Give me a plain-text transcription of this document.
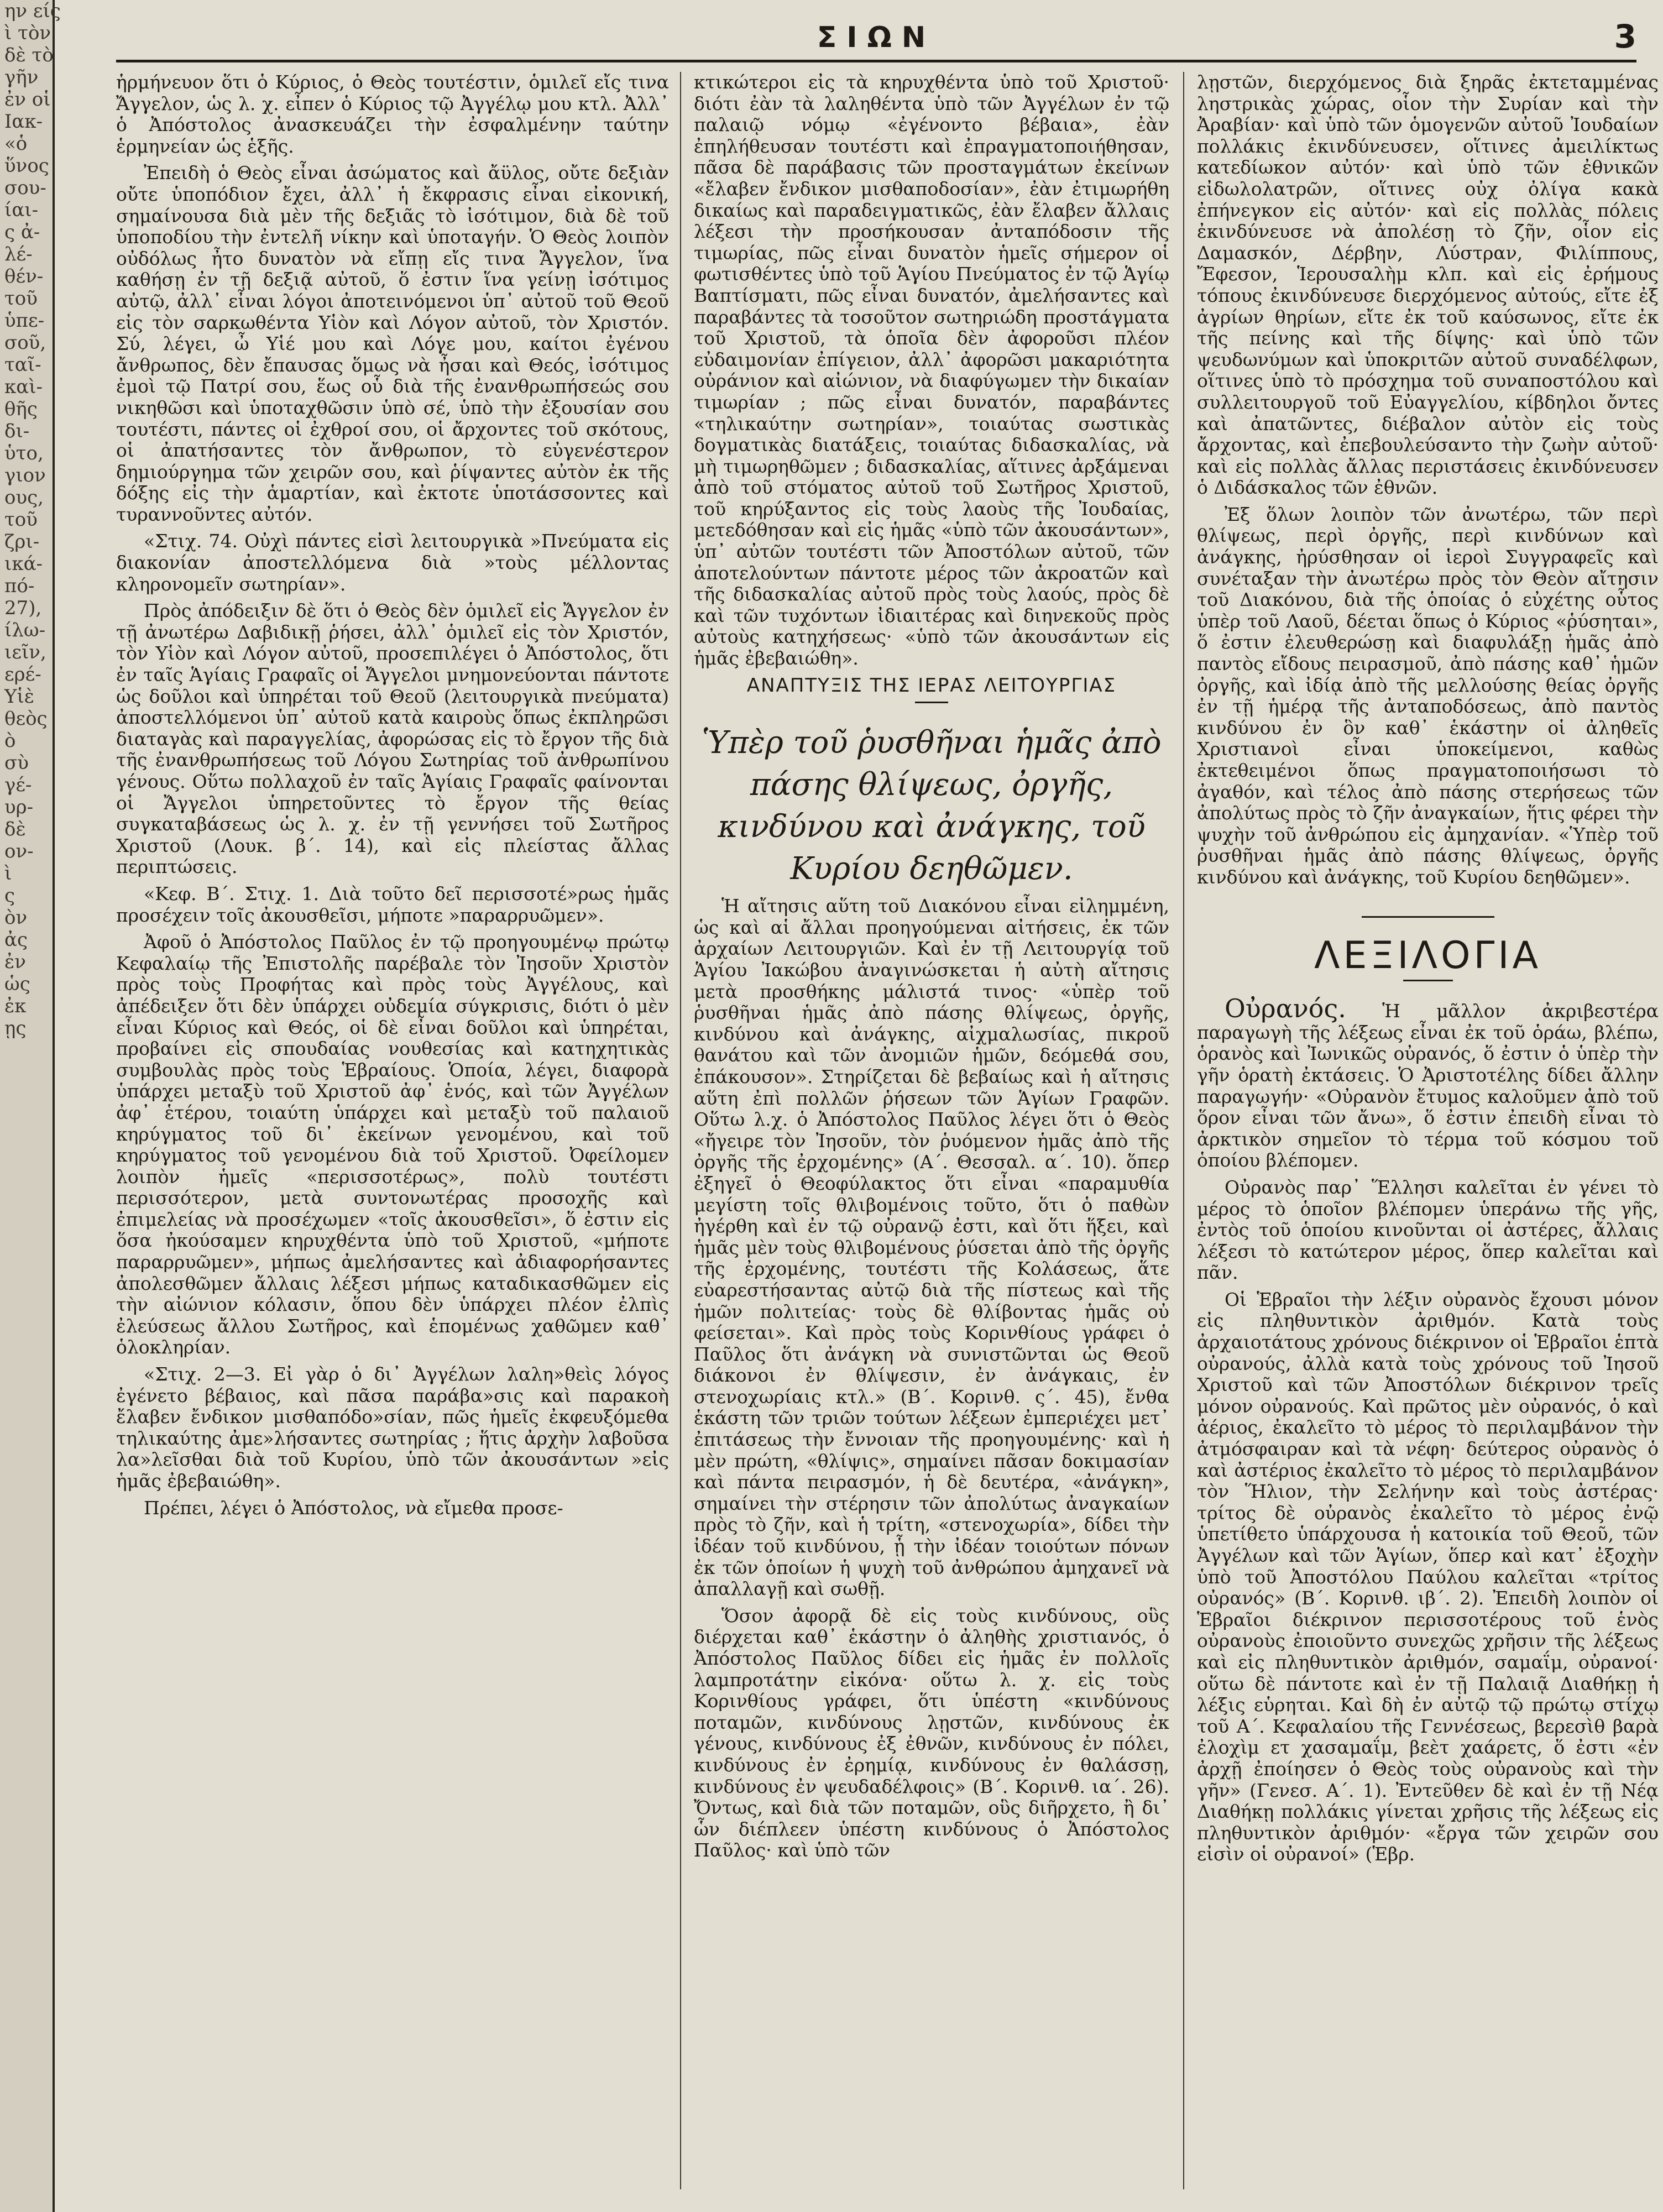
ην είς

ὶ τὸν

δὲ τὸ

γῆν

ἐν οἱ

Ιακ-

«ὁ

ὕνος

σου-

ίαι-

ς ἀ-

λέ-

θέν-

τοῦ

ὑπε-

σοῦ,

ταῖ-

καὶ-

θῆς

δι-

ὑτο,

γιον

ους,

τοῦ

ζρι-

ικά-

πό-

27),

ίλω-

ιεῖν,

ερέ-

Υἱὲ

θεὸς

ὸ

σὺ

γέ-

υρ-

δὲ

ον-

ὶ

ς

ὸν

ἀς

ἐν

ὡς

ἐκ

ῃς

ΣΙΩΝ	3

ἡρμήνευον ὅτι ὁ Κύριος, ὁ Θεὸς τουτέστιν, ὁμιλεῖ εἴς τινα Ἄγγελον, ὡς λ. χ. εἶπεν ὁ Κύριος τῷ Ἀγγέλῳ μου κτλ. Ἀλλ᾽ ὁ Ἀπόστολος ἀνασκευάζει τὴν ἐσφαλμένην ταύτην ἑρμηνείαν ὡς ἑξῆς.

Ἐπειδὴ ὁ Θεὸς εἶναι ἀσώματος καὶ ἄϋλος, οὔτε δεξιὰν οὔτε ὑποπόδιον ἔχει, ἀλλ᾽ ἡ ἔκφρασις εἶναι εἰκονική, σημαίνουσα διὰ μὲν τῆς δεξιᾶς τὸ ἰσότιμον, διὰ δὲ τοῦ ὑποποδίου τὴν ἐντελῆ νίκην καὶ ὑποταγήν. Ὁ Θεὸς λοιπὸν οὐδόλως ἦτο δυνατὸν νὰ εἴπῃ εἴς τινα Ἄγγελον, ἵνα καθήσῃ ἐν τῇ δεξιᾷ αὐτοῦ, ὅ ἐστιν ἵνα γείνῃ ἰσότιμος αὐτῷ, ἀλλ᾽ εἶναι λόγοι ἀποτεινόμενοι ὑπ᾽ αὐτοῦ τοῦ Θεοῦ εἰς τὸν σαρκωθέντα Υἱὸν καὶ Λόγον αὐτοῦ, τὸν Χριστόν. Σύ, λέγει, ὦ Υἱέ μου καὶ Λόγε μου, καίτοι ἐγένου ἄνθρωπος, δὲν ἔπαυσας ὅμως νὰ ἦσαι καὶ Θεός, ἰσότιμος ἐμοὶ τῷ Πατρί σου, ἕως οὗ διὰ τῆς ἐνανθρωπήσεώς σου νικηθῶσι καὶ ὑποταχθῶσιν ὑπὸ σέ, ὑπὸ τὴν ἐξουσίαν σου τουτέστι, πάντες οἱ ἐχθροί σου, οἱ ἄρχοντες τοῦ σκότους, οἱ ἀπατήσαντες τὸν ἄνθρωπον, τὸ εὐγενέστερον δημιούργημα τῶν χειρῶν σου, καὶ ῥίψαντες αὐτὸν ἐκ τῆς δόξης εἰς τὴν ἁμαρτίαν, καὶ ἐκτοτε ὑποτάσσοντες καὶ τυραννοῦντες αὐτόν.

«Στιχ. 74. Οὐχὶ πάντες εἰσὶ λειτουργικὰ »Πνεύματα εἰς διακονίαν ἀποστελλόμενα διὰ »τοὺς μέλλοντας κληρονομεῖν σωτηρίαν».

Πρὸς ἀπόδειξιν δὲ ὅτι ὁ Θεὸς δὲν ὁμιλεῖ εἰς Ἄγγελον ἐν τῇ ἀνωτέρω Δαβιδικῇ ῥήσει, ἀλλ᾽ ὁμιλεῖ εἰς τὸν Χριστόν, τὸν Υἱὸν καὶ Λόγον αὐτοῦ, προσεπιλέγει ὁ Ἀπόστολος, ὅτι ἐν ταῖς Ἁγίαις Γραφαῖς οἱ Ἄγγελοι μνημονεύονται πάντοτε ὡς δοῦλοι καὶ ὑπηρέται τοῦ Θεοῦ (λειτουργικὰ πνεύματα) ἀποστελλόμενοι ὑπ᾽ αὐτοῦ κατὰ καιροὺς ὅπως ἐκπληρῶσι διαταγὰς καὶ παραγγελίας, ἀφορώσας εἰς τὸ ἔργον τῆς διὰ τῆς ἐνανθρωπήσεως τοῦ Λόγου Σωτηρίας τοῦ ἀνθρωπίνου γένους. Οὕτω πολλαχοῦ ἐν ταῖς Ἁγίαις Γραφαῖς φαίνονται οἱ Ἄγγελοι ὑπηρετοῦντες τὸ ἔργον τῆς θείας συγκαταβάσεως ὡς λ. χ. ἐν τῇ γεννήσει τοῦ Σωτῆρος Χριστοῦ (Λουκ. β΄. 14), καὶ εἰς πλείστας ἄλλας περιπτώσεις.

«Κεφ. Β΄. Στιχ. 1. Διὰ τοῦτο δεῖ περισσοτέ»ρως ἡμᾶς προσέχειν τοῖς ἀκουσθεῖσι, μήποτε »παραρρυῶμεν».

Ἀφοῦ ὁ Ἀπόστολος Παῦλος ἐν τῷ προηγουμένῳ πρώτῳ Κεφαλαίῳ τῆς Ἐπιστολῆς παρέβαλε τὸν Ἰησοῦν Χριστὸν πρὸς τοὺς Προφήτας καὶ πρὸς τοὺς Ἀγγέλους, καὶ ἀπέδειξεν ὅτι δὲν ὑπάρχει οὐδεμία σύγκρισις, διότι ὁ μὲν εἶναι Κύριος καὶ Θεός, οἱ δὲ εἶναι δοῦλοι καὶ ὑπηρέται, προβαίνει εἰς σπουδαίας νουθεσίας καὶ κατηχητικὰς συμβουλὰς πρὸς τοὺς Ἑβραίους. Ὁποία, λέγει, διαφορὰ ὑπάρχει μεταξὺ τοῦ Χριστοῦ ἀφ᾽ ἑνός, καὶ τῶν Ἀγγέλων ἀφ᾽ ἑτέρου, τοιαύτη ὑπάρχει καὶ μεταξὺ τοῦ παλαιοῦ κηρύγματος τοῦ δι᾽ ἐκείνων γενομένου, καὶ τοῦ κηρύγματος τοῦ γενομένου διὰ τοῦ Χριστοῦ. Ὀφείλομεν λοιπὸν ἡμεῖς «περισσοτέρως», πολὺ τουτέστι περισσότερον, μετὰ συντονωτέρας προσοχῆς καὶ ἐπιμελείας νὰ προσέχωμεν «τοῖς ἀκουσθεῖσι», ὅ ἐστιν εἰς ὅσα ἠκούσαμεν κηρυχθέντα ὑπὸ τοῦ Χριστοῦ, «μήποτε παραρρυῶμεν», μήπως ἀμελήσαντες καὶ ἀδιαφορήσαντες ἀπολεσθῶμεν ἄλλαις λέξεσι μήπως καταδικασθῶμεν εἰς τὴν αἰώνιον κόλασιν, ὅπου δὲν ὑπάρχει πλέον ἐλπὶς ἐλεύσεως ἄλλου Σωτῆρος, καὶ ἑπομένως χαθῶμεν καθ᾽ ὁλοκληρίαν.

«Στιχ. 2—3. Εἰ γὰρ ὁ δι᾽ Ἀγγέλων λαλη»θεὶς λόγος ἐγένετο βέβαιος, καὶ πᾶσα παράβα»σις καὶ παρακοὴ ἔλαβεν ἔνδικον μισθαπόδο»σίαν, πῶς ἡμεῖς ἐκφευξόμεθα τηλικαύτης ἀμε»λήσαντες σωτηρίας ; ἥτις ἀρχὴν λαβοῦσα λα»λεῖσθαι διὰ τοῦ Κυρίου, ὑπὸ τῶν ἀκουσάντων »εἰς ἡμᾶς ἐβεβαιώθη».

Πρέπει, λέγει ὁ Ἀπόστολος, νὰ εἴμεθα προσε-

κτικώτεροι εἰς τὰ κηρυχθέντα ὑπὸ τοῦ Χριστοῦ· διότι ἐὰν τὰ λαληθέντα ὑπὸ τῶν Ἀγγέλων ἐν τῷ παλαιῷ νόμῳ «ἐγένοντο βέβαια», ἐὰν ἐπηλήθευσαν τουτέστι καὶ ἐπραγματοποιήθησαν, πᾶσα δὲ παράβασις τῶν προσταγμάτων ἐκείνων «ἔλαβεν ἔνδικον μισθαποδοσίαν», ἐὰν ἐτιμωρήθη δικαίως καὶ παραδειγματικῶς, ἐὰν ἔλαβεν ἄλλαις λέξεσι τὴν προσήκουσαν ἀνταπόδοσιν τῆς τιμωρίας, πῶς εἶναι δυνατὸν ἡμεῖς σήμερον οἱ φωτισθέντες ὑπὸ τοῦ Ἁγίου Πνεύματος ἐν τῷ Ἁγίῳ Βαπτίσματι, πῶς εἶναι δυνατόν, ἀμελήσαντες καὶ παραβάντες τὰ τοσοῦτον σωτηριώδη προστάγματα τοῦ Χριστοῦ, τὰ ὁποῖα δὲν ἀφοροῦσι πλέον εὐδαιμονίαν ἐπίγειον, ἀλλ᾽ ἀφορῶσι μακαριότητα οὐράνιον καὶ αἰώνιον, νὰ διαφύγωμεν τὴν δικαίαν τιμωρίαν ; πῶς εἶναι δυνατόν, παραβάντες «τηλικαύτην σωτηρίαν», τοιαύτας σωστικὰς δογματικὰς διατάξεις, τοιαύτας διδασκαλίας, νὰ μὴ τιμωρηθῶμεν ; διδασκαλίας, αἵτινες ἀρξάμεναι ἀπὸ τοῦ στόματος αὐτοῦ τοῦ Σωτῆρος Χριστοῦ, τοῦ κηρύξαντος εἰς τοὺς λαοὺς τῆς Ἰουδαίας, μετεδόθησαν καὶ εἰς ἡμᾶς «ὑπὸ τῶν ἀκουσάντων», ὑπ᾽ αὐτῶν τουτέστι τῶν Ἀποστόλων αὐτοῦ, τῶν ἀποτελούντων πάντοτε μέρος τῶν ἀκροατῶν καὶ τῆς διδασκαλίας αὐτοῦ πρὸς τοὺς λαούς, πρὸς δὲ καὶ τῶν τυχόντων ἰδιαιτέρας καὶ διηνεκοῦς πρὸς αὐτοὺς κατηχήσεως· «ὑπὸ τῶν ἀκουσάντων εἰς ἡμᾶς ἐβεβαιώθη».

ΑΝΑΠΤΥΞΙΣ ΤΗΣ ΙΕΡΑΣ ΛΕΙΤΟΥΡΓΙΑΣ

Ὑπὲρ τοῦ ῥυσθῆναι ἡμᾶς ἀπὸ πάσης θλίψεως, ὀργῆς, κινδύνου καὶ ἀνάγκης, τοῦ Κυρίου δεηθῶμεν.

Ἡ αἴτησις αὕτη τοῦ Διακόνου εἶναι εἰλημμένη, ὡς καὶ αἱ ἄλλαι προηγούμεναι αἰτήσεις, ἐκ τῶν ἀρχαίων Λειτουργιῶν. Καὶ ἐν τῇ Λειτουργίᾳ τοῦ Ἁγίου Ἰακώβου ἀναγινώσκεται ἡ αὐτὴ αἴτησις μετὰ προσθήκης μάλιστά τινος· «ὑπὲρ τοῦ ῥυσθῆναι ἡμᾶς ἀπὸ πάσης θλίψεως, ὀργῆς, κινδύνου καὶ ἀνάγκης, αἰχμαλωσίας, πικροῦ θανάτου καὶ τῶν ἀνομιῶν ἡμῶν, δεόμεθά σου, ἐπάκουσον». Στηρίζεται δὲ βεβαίως καὶ ἡ αἴτησις αὕτη ἐπὶ πολλῶν ῥήσεων τῶν Ἁγίων Γραφῶν. Οὕτω λ.χ. ὁ Ἀπόστολος Παῦλος λέγει ὅτι ὁ Θεὸς «ἤγειρε τὸν Ἰησοῦν, τὸν ῥυόμενον ἡμᾶς ἀπὸ τῆς ὀργῆς τῆς ἐρχομένης» (Α΄. Θεσσαλ. α΄. 10). ὅπερ ἐξηγεῖ ὁ Θεοφύλακτος ὅτι εἶναι «παραμυθία μεγίστη τοῖς θλιβομένοις τοῦτο, ὅτι ὁ παθὼν ἠγέρθη καὶ ἐν τῷ οὐρανῷ ἐστι, καὶ ὅτι ἥξει, καὶ ἡμᾶς μὲν τοὺς θλιβομένους ῥύσεται ἀπὸ τῆς ὀργῆς τῆς ἐρχομένης, τουτέστι τῆς Κολάσεως, ἅτε εὐαρεστήσαντας αὐτῷ διὰ τῆς πίστεως καὶ τῆς ἡμῶν πολιτείας· τοὺς δὲ θλίβοντας ἡμᾶς οὐ φείσεται». Καὶ πρὸς τοὺς Κορινθίους γράφει ὁ Παῦλος ὅτι ἀνάγκη νὰ συνιστῶνται ὡς Θεοῦ διάκονοι ἐν θλίψεσιν, ἐν ἀνάγκαις, ἐν στενοχωρίαις κτλ.» (Β΄. Κορινθ. ς΄. 45), ἔνθα ἑκάστη τῶν τριῶν τούτων λέξεων ἐμπεριέχει μετ᾽ ἐπιτάσεως τὴν ἔννοιαν τῆς προηγουμένης· καὶ ἡ μὲν πρώτη, «θλίψις», σημαίνει πᾶσαν δοκιμασίαν καὶ πάντα πειρασμόν, ἡ δὲ δευτέρα, «ἀνάγκη», σημαίνει τὴν στέρησιν τῶν ἀπολύτως ἀναγκαίων πρὸς τὸ ζῆν, καὶ ἡ τρίτη, «στενοχωρία», δίδει τὴν ἰδέαν τοῦ κινδύνου, ᾗ τὴν ἰδέαν τοιούτων πόνων ἐκ τῶν ὁποίων ἡ ψυχὴ τοῦ ἀνθρώπου ἀμηχανεῖ νὰ ἀπαλλαγῇ καὶ σωθῇ.

Ὅσον ἀφορᾷ δὲ εἰς τοὺς κινδύνους, οὓς διέρχεται καθ᾽ ἑκάστην ὁ ἀληθὴς χριστιανός, ὁ Ἀπόστολος Παῦλος δίδει εἰς ἡμᾶς ἐν πολλοῖς λαμπροτάτην εἰκόνα· οὕτω λ. χ. εἰς τοὺς Κορινθίους γράφει, ὅτι ὑπέστη «κινδύνους ποταμῶν, κινδύνους λῃστῶν, κινδύνους ἐκ γένους, κινδύνους ἐξ ἐθνῶν, κινδύνους ἐν πόλει, κινδύνους ἐν ἐρημίᾳ, κινδύνους ἐν θαλάσσῃ, κινδύνους ἐν ψευδαδέλφοις» (Β΄. Κορινθ. ια΄. 26). Ὄντως, καὶ διὰ τῶν ποταμῶν, οὓς διῆρχετο, ἢ δι᾽ ὧν διέπλεεν ὑπέστη κινδύνους ὁ Ἀπόστολος Παῦλος· καὶ ὑπὸ τῶν

λῃστῶν, διερχόμενος διὰ ξηρᾶς ἐκτεταμμένας ληστρικὰς χώρας, οἷον τὴν Συρίαν καὶ τὴν Ἀραβίαν· καὶ ὑπὸ τῶν ὁμογενῶν αὐτοῦ Ἰουδαίων πολλάκις ἐκινδύνευσεν, οἵτινες ἀμειλίκτως κατεδίωκον αὐτόν· καὶ ὑπὸ τῶν ἐθνικῶν εἰδωλολατρῶν, οἵτινες οὐχ ὀλίγα κακὰ ἐπήνεγκον εἰς αὐτόν· καὶ εἰς πολλὰς πόλεις ἐκινδύνευσε νὰ ἀπολέσῃ τὸ ζῆν, οἷον εἰς Δαμασκόν, Δέρβην, Λύστραν, Φιλίππους, Ἔφεσον, Ἱερουσαλὴμ κλπ. καὶ εἰς ἐρήμους τόπους ἐκινδύνευσε διερχόμενος αὐτούς, εἴτε ἐξ ἀγρίων θηρίων, εἴτε ἐκ τοῦ καύσωνος, εἴτε ἐκ τῆς πείνης καὶ τῆς δίψης· καὶ ὑπὸ τῶν ψευδωνύμων καὶ ὑποκριτῶν αὐτοῦ συναδέλφων, οἵτινες ὑπὸ τὸ πρόσχημα τοῦ συναποστόλου καὶ συλλειτουργοῦ τοῦ Εὐαγγελίου, κίβδηλοι ὄντες καὶ ἀπατῶντες, διέβαλον αὐτὸν εἰς τοὺς ἄρχοντας, καὶ ἐπεβουλεύσαντο τὴν ζωὴν αὐτοῦ· καὶ εἰς πολλὰς ἄλλας περιστάσεις ἐκινδύνευσεν ὁ Διδάσκαλος τῶν ἐθνῶν.

Ἐξ ὅλων λοιπὸν τῶν ἀνωτέρω, τῶν περὶ θλίψεως, περὶ ὀργῆς, περὶ κινδύνων καὶ ἀνάγκης, ἠρύσθησαν οἱ ἱεροὶ Συγγραφεῖς καὶ συνέταξαν τὴν ἀνωτέρω πρὸς τὸν Θεὸν αἴτησιν τοῦ Διακόνου, διὰ τῆς ὁποίας ὁ εὐχέτης οὗτος ὑπὲρ τοῦ Λαοῦ, δέεται ὅπως ὁ Κύριος «ῥύσηται», ὅ ἐστιν ἐλευθερώσῃ καὶ διαφυλάξῃ ἡμᾶς ἀπὸ παντὸς εἴδους πειρασμοῦ, ἀπὸ πάσης καθ᾽ ἡμῶν ὀργῆς, καὶ ἰδίᾳ ἀπὸ τῆς μελλούσης θείας ὀργῆς ἐν τῇ ἡμέρᾳ τῆς ἀνταποδόσεως, ἀπὸ παντὸς κινδύνου ἐν ὃν καθ᾽ ἑκάστην οἱ ἀληθεῖς Χριστιανοὶ εἶναι ὑποκείμενοι, καθὼς ἐκτεθειμένοι ὅπως πραγματοποιήσωσι τὸ ἀγαθόν, καὶ τέλος ἀπὸ πάσης στερήσεως τῶν ἀπολύτως πρὸς τὸ ζῆν ἀναγκαίων, ἥτις φέρει τὴν ψυχὴν τοῦ ἀνθρώπου εἰς ἀμηχανίαν. «Ὑπὲρ τοῦ ῥυσθῆναι ἡμᾶς ἀπὸ πάσης θλίψεως, ὀργῆς κινδύνου καὶ ἀνάγκης, τοῦ Κυρίου δεηθῶμεν».

ΛΕΞΙΛΟΓΙΑ

Οὐρανός. Ἡ μᾶλλον ἀκριβεστέρα παραγωγὴ τῆς λέξεως εἶναι ἐκ τοῦ ὁράω, βλέπω, ὁρανὸς καὶ Ἰωνικῶς οὐρανός, ὅ ἐστιν ὁ ὑπὲρ τὴν γῆν ὁρατὴ ἐκτάσεις. Ὁ Ἀριστοτέλης δίδει ἄλλην παραγωγήν· «Οὐρανὸν ἔτυμος καλοῦμεν ἀπὸ τοῦ ὅρον εἶναι τῶν ἄνω», ὅ ἐστιν ἐπειδὴ εἶναι τὸ ἀρκτικὸν σημεῖον τὸ τέρμα τοῦ κόσμου τοῦ ὁποίου βλέπομεν.

Οὐρανὸς παρ᾽ Ἕλλησι καλεῖται ἐν γένει τὸ μέρος τὸ ὁποῖον βλέπομεν ὑπεράνω τῆς γῆς, ἐντὸς τοῦ ὁποίου κινοῦνται οἱ ἀστέρες, ἄλλαις λέξεσι τὸ κατώτερον μέρος, ὅπερ καλεῖται καὶ πᾶν.

Οἱ Ἑβραῖοι τὴν λέξιν οὐρανὸς ἔχουσι μόνον εἰς πληθυντικὸν ἀριθμόν. Κατὰ τοὺς ἀρχαιοτάτους χρόνους διέκρινον οἱ Ἑβραῖοι ἑπτὰ οὐρανούς, ἀλλὰ κατὰ τοὺς χρόνους τοῦ Ἰησοῦ Χριστοῦ καὶ τῶν Ἀποστόλων διέκρινον τρεῖς μόνον οὐρανούς. Καὶ πρῶτος μὲν οὐρανός, ὁ καὶ ἀέριος, ἐκαλεῖτο τὸ μέρος τὸ περιλαμβάνον τὴν ἀτμόσφαιραν καὶ τὰ νέφη· δεύτερος οὐρανὸς ὁ καὶ ἀστέριος ἐκαλεῖτο τὸ μέρος τὸ περιλαμβάνον τὸν Ἥλιον, τὴν Σελήνην καὶ τοὺς ἀστέρας· τρίτος δὲ οὐρανὸς ἐκαλεῖτο τὸ μέρος ἐνῷ ὑπετίθετο ὑπάρχουσα ἡ κατοικία τοῦ Θεοῦ, τῶν Ἀγγέλων καὶ τῶν Ἁγίων, ὅπερ καὶ κατ᾽ ἐξοχὴν ὑπὸ τοῦ Ἀποστόλου Παύλου καλεῖται «τρίτος οὐρανός» (Β΄. Κορινθ. ιβ΄. 2). Ἐπειδὴ λοιπὸν οἱ Ἑβραῖοι διέκρινον περισσοτέρους τοῦ ἑνὸς οὐρανοὺς ἐποιοῦντο συνεχῶς χρῆσιν τῆς λέξεως καὶ εἰς πληθυντικὸν ἀριθμόν, σαμαΐμ, οὐρανοί· οὕτω δὲ πάντοτε καὶ ἐν τῇ Παλαιᾷ Διαθήκῃ ἡ λέξις εὑρηται. Καὶ δὴ ἐν αὐτῷ τῷ πρώτῳ στίχῳ τοῦ Α΄. Κεφαλαίου τῆς Γεννέσεως, βερεσὶθ βαρὰ ἐλοχὶμ ετ χασαμαΐμ, βεὲτ χαάρετς, ὅ ἐστι «ἐν ἀρχῇ ἐποίησεν ὁ Θεὸς τοὺς οὐρανοὺς καὶ τὴν γῆν» (Γενεσ. Α΄. 1). Ἐντεῦθεν δὲ καὶ ἐν τῇ Νέᾳ Διαθήκῃ πολλάκις γίνεται χρῆσις τῆς λέξεως εἰς πληθυντικὸν ἀριθμόν· «ἔργα τῶν χειρῶν σου εἰσὶν οἱ οὐρανοί» (Ἑβρ.
